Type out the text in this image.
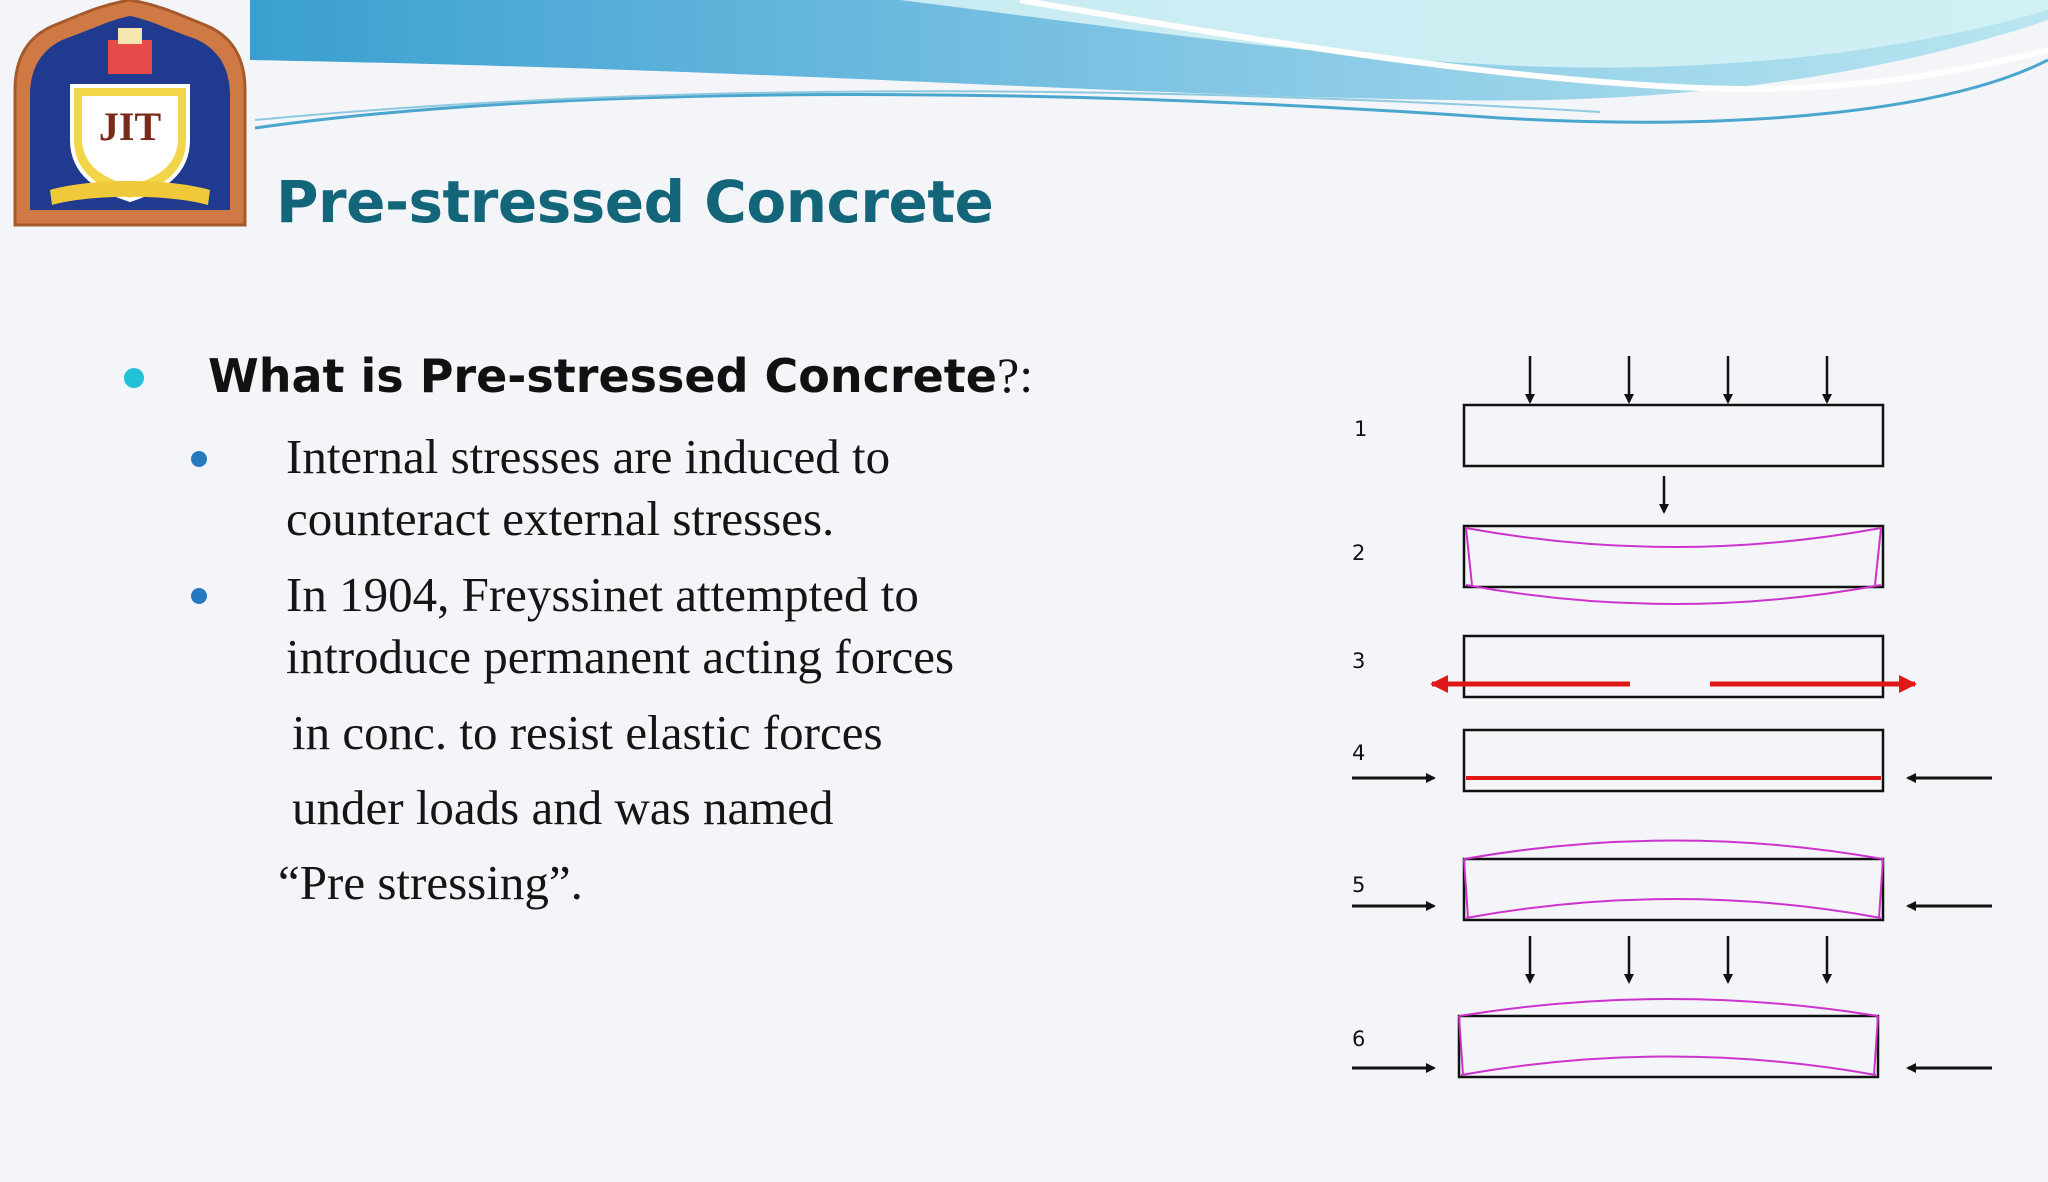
JIT
Pre-stressed Concrete
What is Pre-stressed Concrete?:
Internal stresses are induced to
counteract external stresses.
In 1904, Freyssinet attempted to
introduce permanent acting forces
in conc. to resist elastic forces
under loads and was named
“Pre stressing”.
1
2
3
4
5
6
